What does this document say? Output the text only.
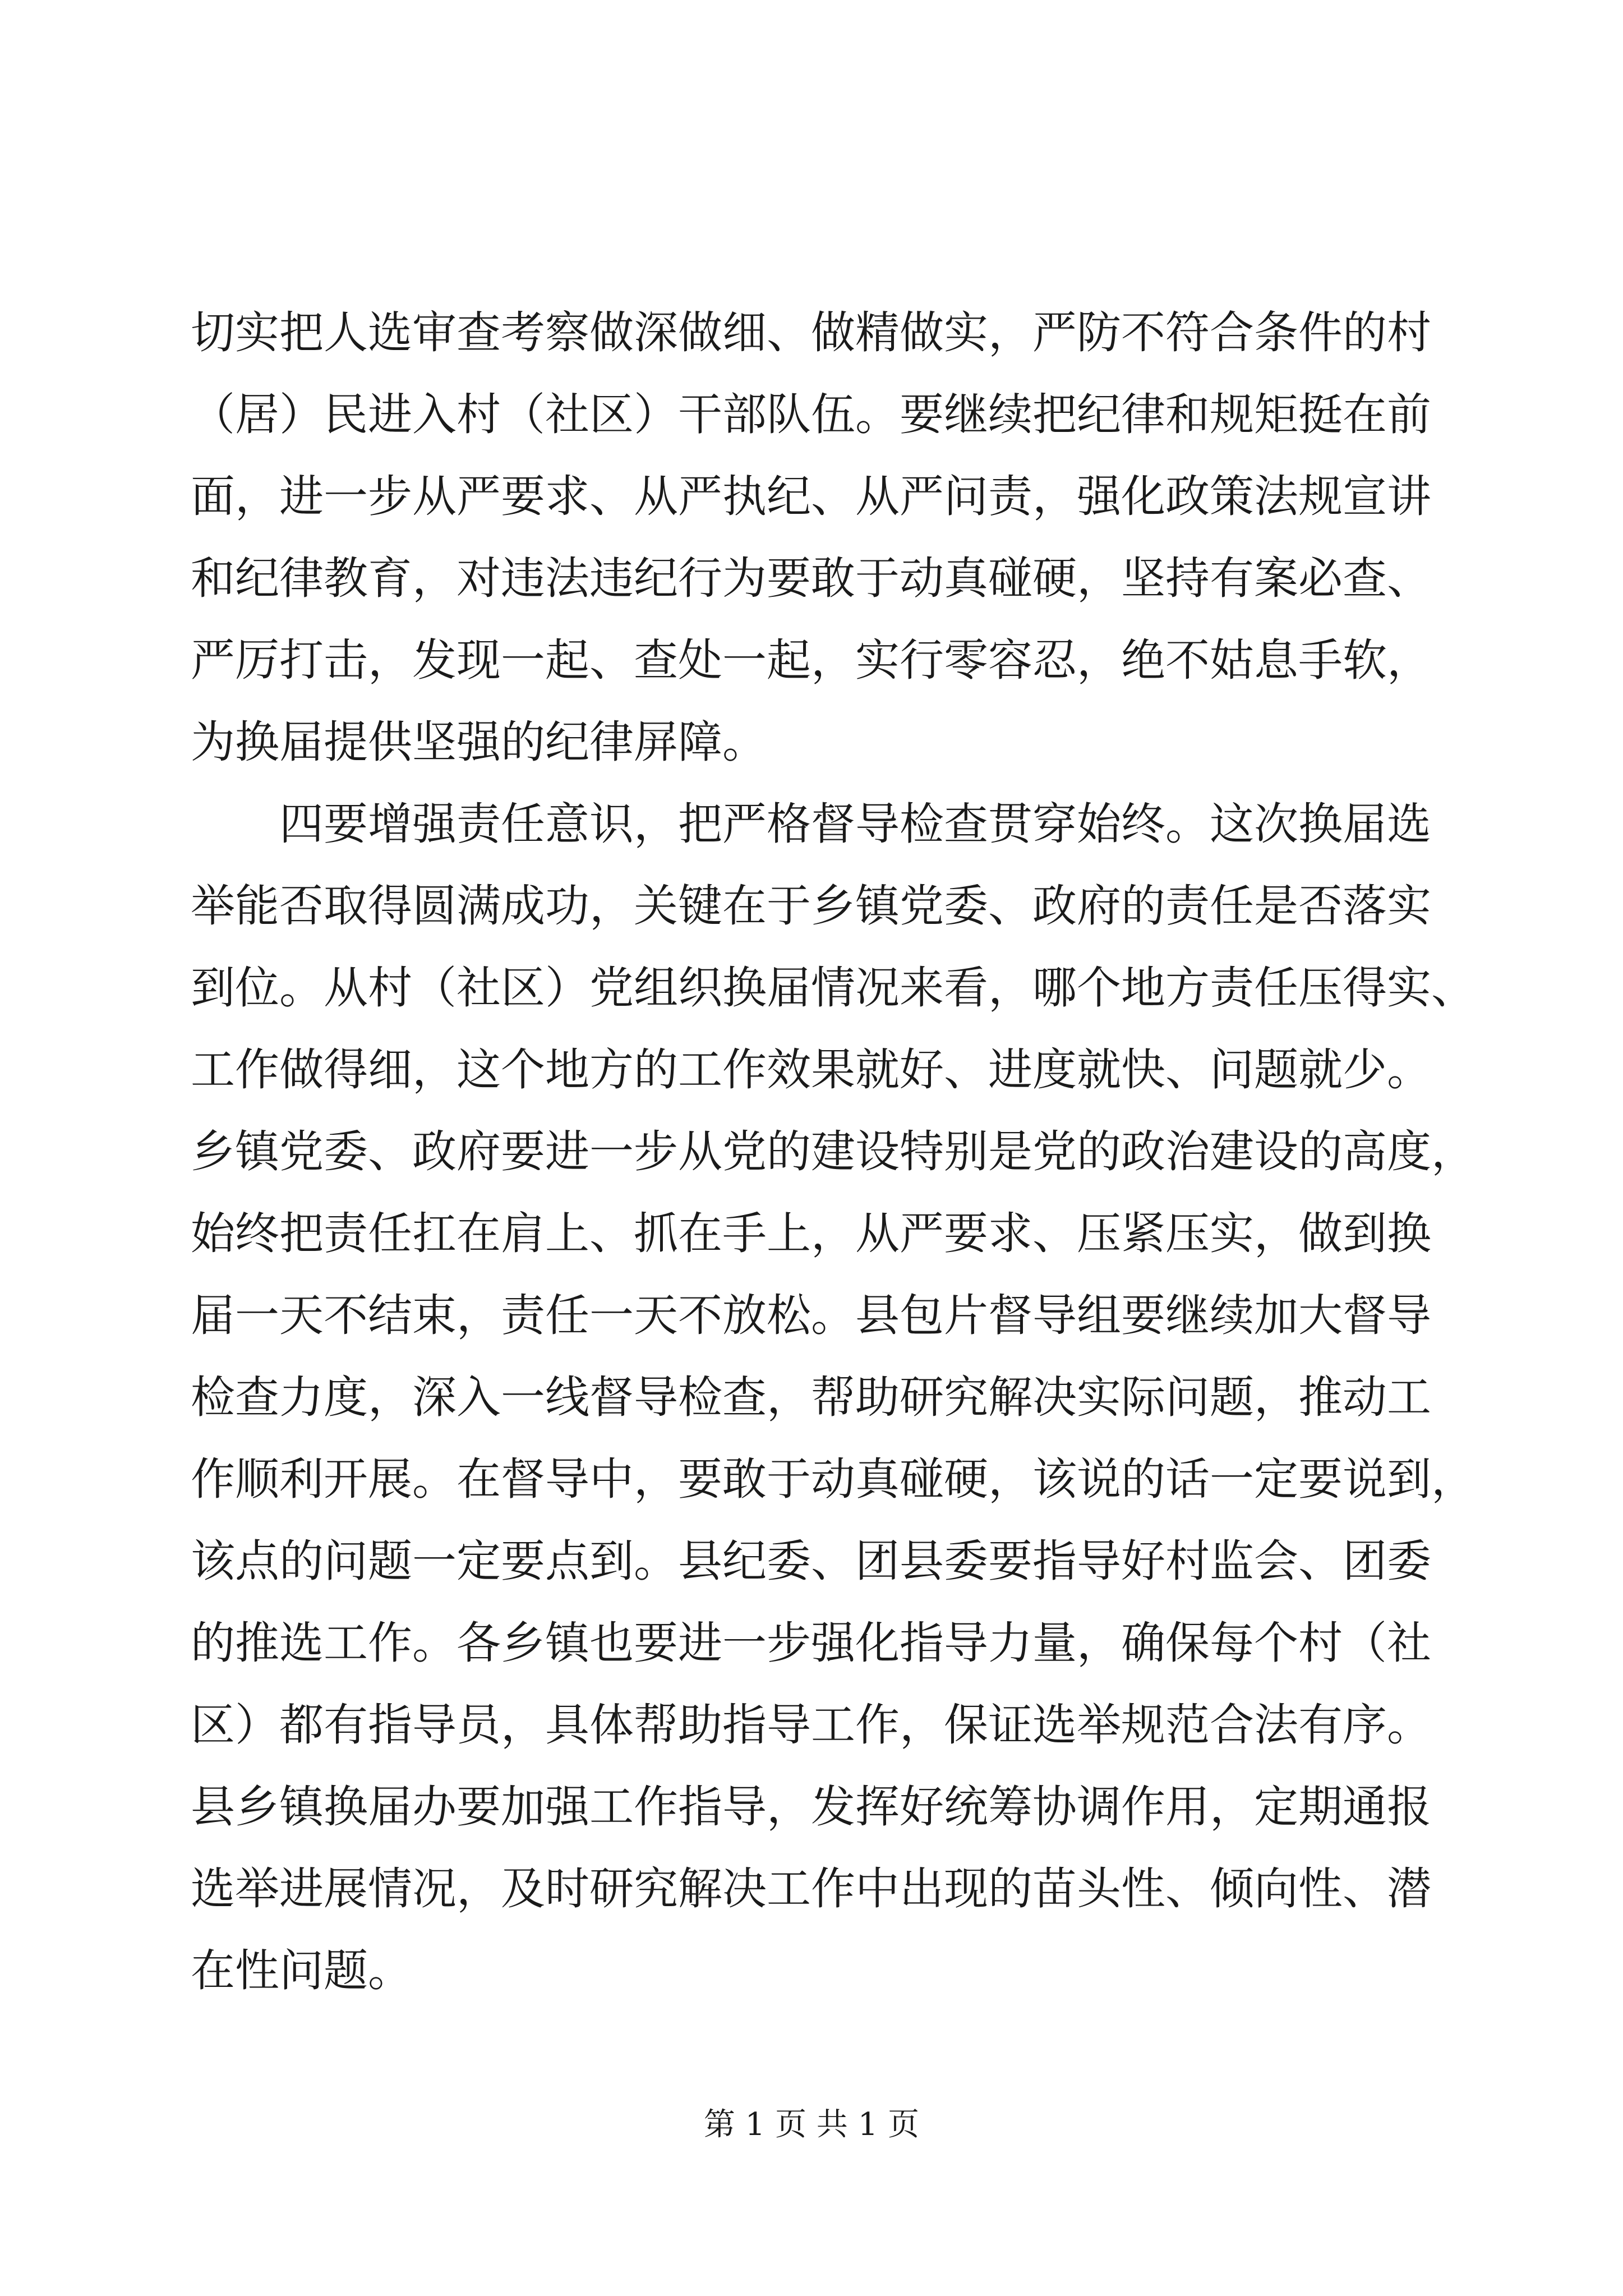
切实把人选审查考察做深做细、做精做实，严防不符合条件的村
（居）民进入村（社区）干部队伍。要继续把纪律和规矩挺在前
面，进一步从严要求、从严执纪、从严问责，强化政策法规宣讲
和纪律教育，对违法违纪行为要敢于动真碰硬，坚持有案必查、
严厉打击，发现一起、查处一起，实行零容忍，绝不姑息手软，
为换届提供坚强的纪律屏障。
　　四要增强责任意识，把严格督导检查贯穿始终。这次换届选
举能否取得圆满成功，关键在于乡镇党委、政府的责任是否落实
到位。从村（社区）党组织换届情况来看，哪个地方责任压得实、
工作做得细，这个地方的工作效果就好、进度就快、问题就少。
乡镇党委、政府要进一步从党的建设特别是党的政治建设的高度，
始终把责任扛在肩上、抓在手上，从严要求、压紧压实，做到换
届一天不结束，责任一天不放松。县包片督导组要继续加大督导
检查力度，深入一线督导检查，帮助研究解决实际问题，推动工
作顺利开展。在督导中，要敢于动真碰硬，该说的话一定要说到，
该点的问题一定要点到。县纪委、团县委要指导好村监会、团委
的推选工作。各乡镇也要进一步强化指导力量，确保每个村（社
区）都有指导员，具体帮助指导工作，保证选举规范合法有序。
县乡镇换届办要加强工作指导，发挥好统筹协调作用，定期通报
选举进展情况，及时研究解决工作中出现的苗头性、倾向性、潜
在性问题。
第 1 页 共 1 页
